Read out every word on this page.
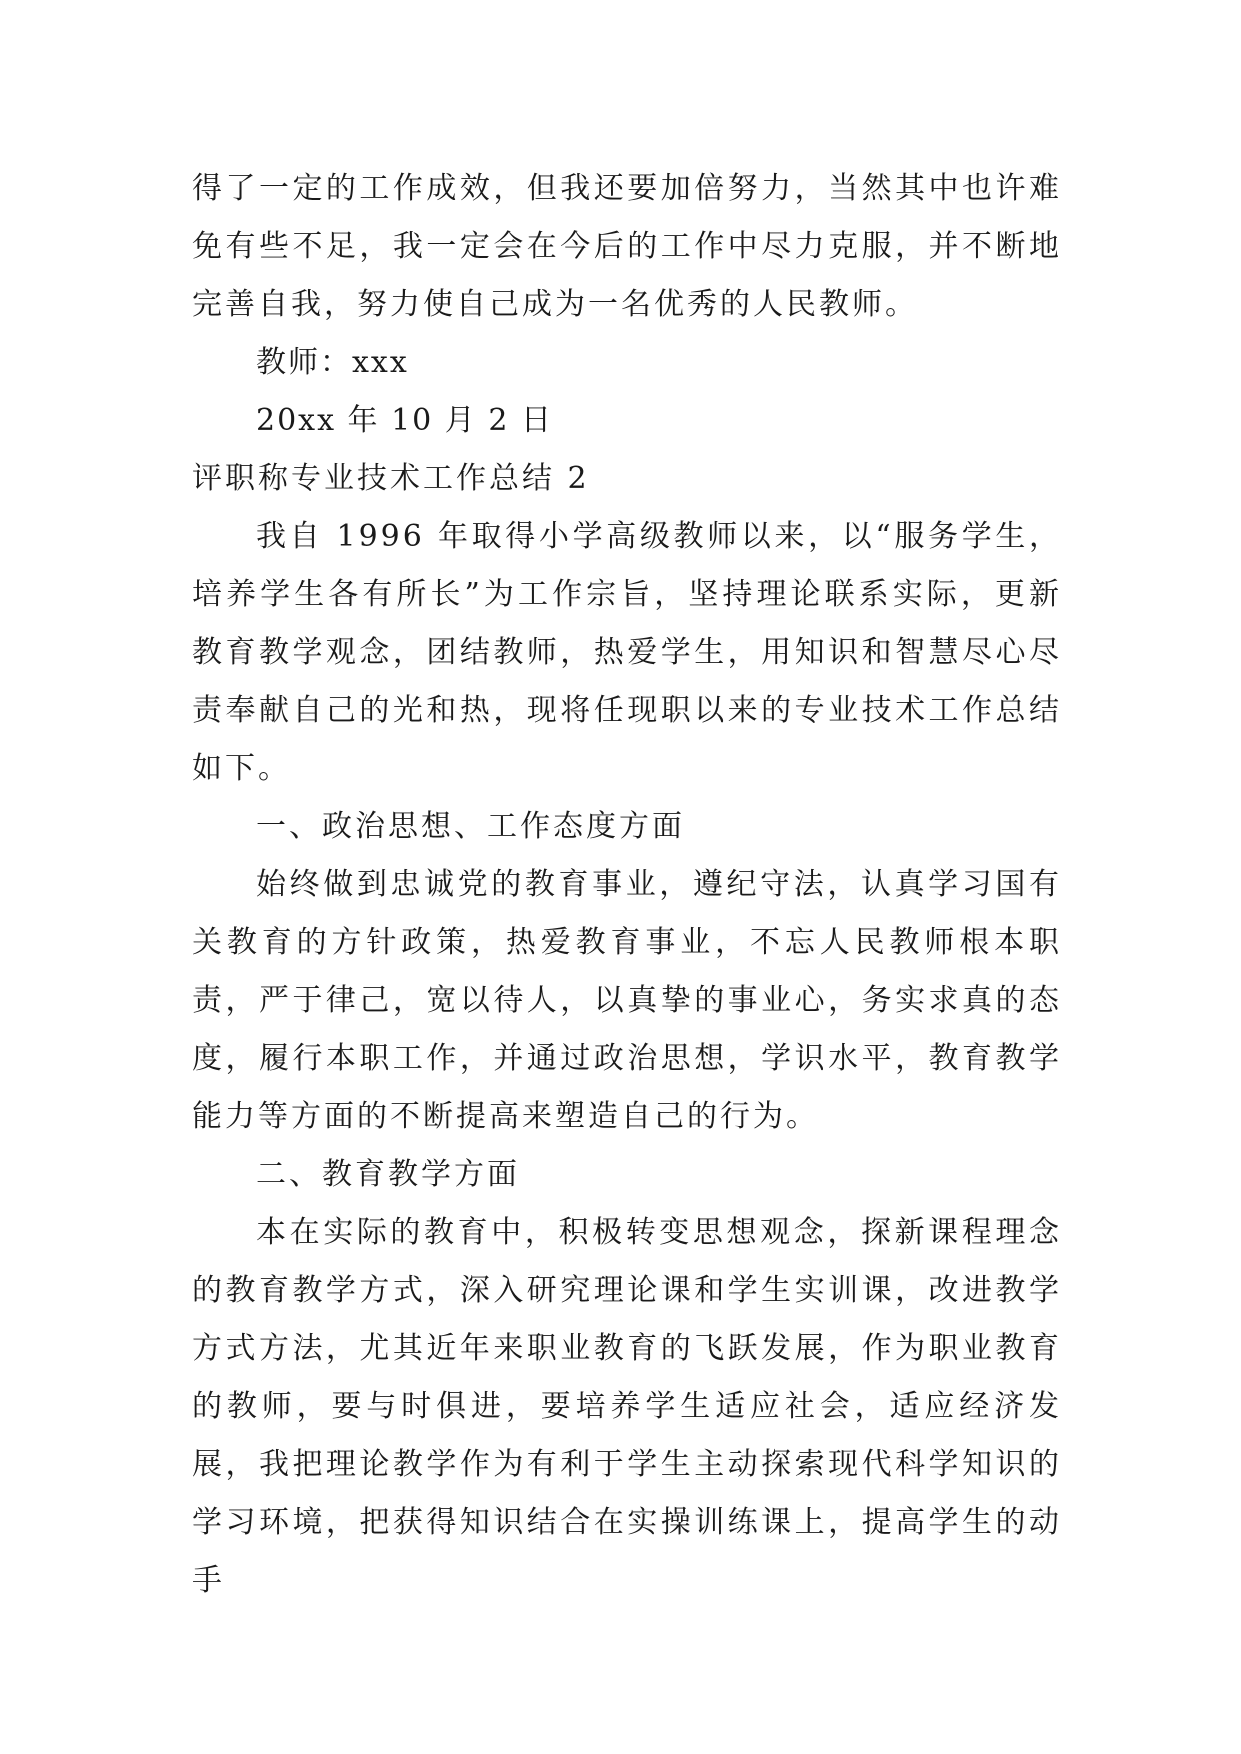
得了一定的工作成效，但我还要加倍努力，当然其中也许难免有些不足，我一定会在今后的工作中尽力克服，并不断地完善自我，努力使自己成为一名优秀的人民教师。

教师：xxx

20xx 年 10 月 2 日

评职称专业技术工作总结 2

我自 1996 年取得小学高级教师以来，以“服务学生，培养学生各有所长”为工作宗旨，坚持理论联系实际，更新教育教学观念，团结教师，热爱学生，用知识和智慧尽心尽责奉献自己的光和热，现将任现职以来的专业技术工作总结如下。

一、政治思想、工作态度方面

始终做到忠诚党的教育事业，遵纪守法，认真学习国有关教育的方针政策，热爱教育事业，不忘人民教师根本职责，严于律己，宽以待人，以真挚的事业心，务实求真的态度，履行本职工作，并通过政治思想，学识水平，教育教学能力等方面的不断提高来塑造自己的行为。

二、教育教学方面

本在实际的教育中，积极转变思想观念，探新课程理念的教育教学方式，深入研究理论课和学生实训课，改进教学方式方法，尤其近年来职业教育的飞跃发展，作为职业教育的教师，要与时俱进，要培养学生适应社会，适应经济发展，我把理论教学作为有利于学生主动探索现代科学知识的学习环境，把获得知识结合在实操训练课上，提高学生的动手
